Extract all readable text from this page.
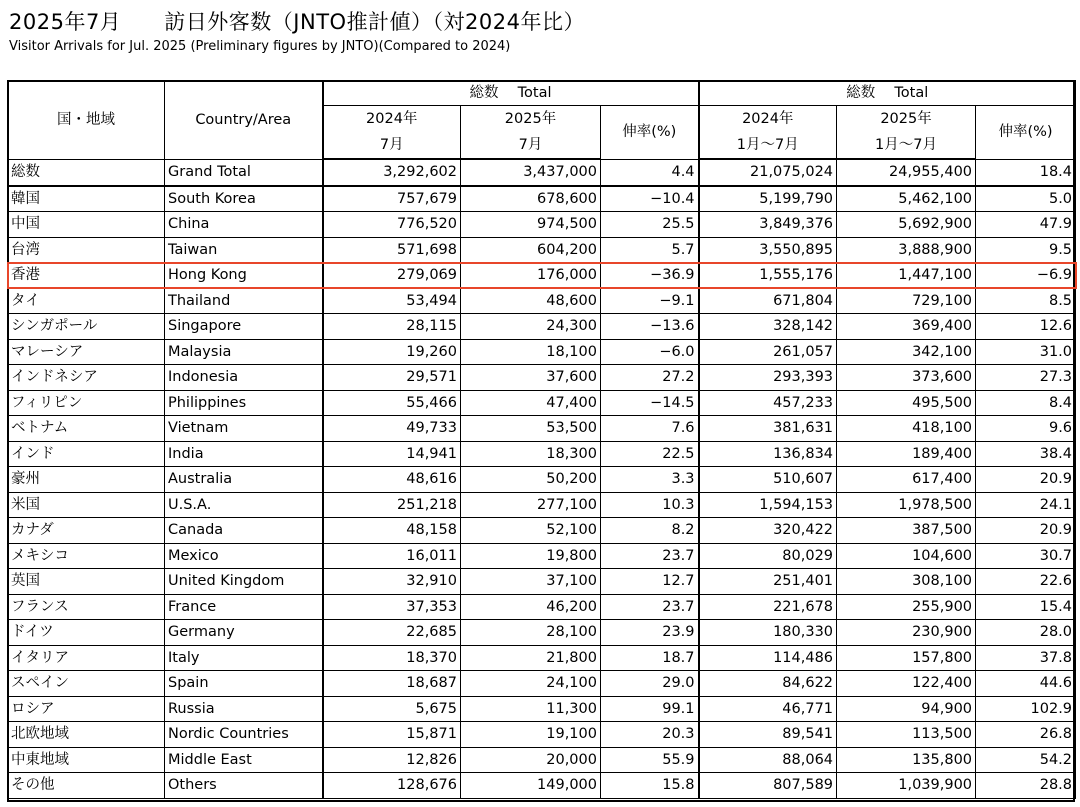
2025年7月　　訪日外客数（JNTO推計値）（対2024年比）
Visitor Arrivals for Jul. 2025 (Preliminary figures by JNTO)(Compared to 2024)
国・地域	Country/Area	総数　 Total			総数　 Total		
		2024年	2025年	伸率(%)	2024年	2025年	伸率(%)
		7月	7月		1月～7月	1月～7月	
総数	Grand Total	3,292,602	3,437,000	4.4	21,075,024	24,955,400	18.4
韓国	South Korea	757,679	678,600	−10.4	5,199,790	5,462,100	5.0
中国	China	776,520	974,500	25.5	3,849,376	5,692,900	47.9
台湾	Taiwan	571,698	604,200	5.7	3,550,895	3,888,900	9.5
香港	Hong Kong	279,069	176,000	−36.9	1,555,176	1,447,100	−6.9
タイ	Thailand	53,494	48,600	−9.1	671,804	729,100	8.5
シンガポール	Singapore	28,115	24,300	−13.6	328,142	369,400	12.6
マレーシア	Malaysia	19,260	18,100	−6.0	261,057	342,100	31.0
インドネシア	Indonesia	29,571	37,600	27.2	293,393	373,600	27.3
フィリピン	Philippines	55,466	47,400	−14.5	457,233	495,500	8.4
ベトナム	Vietnam	49,733	53,500	7.6	381,631	418,100	9.6
インド	India	14,941	18,300	22.5	136,834	189,400	38.4
豪州	Australia	48,616	50,200	3.3	510,607	617,400	20.9
米国	U.S.A.	251,218	277,100	10.3	1,594,153	1,978,500	24.1
カナダ	Canada	48,158	52,100	8.2	320,422	387,500	20.9
メキシコ	Mexico	16,011	19,800	23.7	80,029	104,600	30.7
英国	United Kingdom	32,910	37,100	12.7	251,401	308,100	22.6
フランス	France	37,353	46,200	23.7	221,678	255,900	15.4
ドイツ	Germany	22,685	28,100	23.9	180,330	230,900	28.0
イタリア	Italy	18,370	21,800	18.7	114,486	157,800	37.8
スペイン	Spain	18,687	24,100	29.0	84,622	122,400	44.6
ロシア	Russia	5,675	11,300	99.1	46,771	94,900	102.9
北欧地域	Nordic Countries	15,871	19,100	20.3	89,541	113,500	26.8
中東地域	Middle East	12,826	20,000	55.9	88,064	135,800	54.2
その他	Others	128,676	149,000	15.8	807,589	1,039,900	28.8
